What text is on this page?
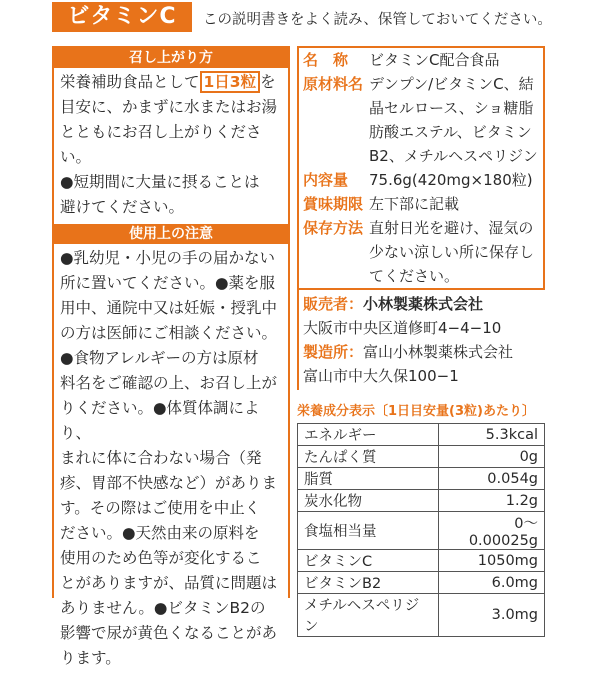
ビタミンC	この説明書きをよく読み、保管しておいてください。
召し上がり方
栄養補助食品として 1日3粒 を
目安に、かまずに水またはお湯
とともにお召し上がりください。
●短期間に大量に摂ることは
避けてください。
使用上の注意
●乳幼児・小児の手の届かない
所に置いてください。●薬を服
用中、通院中又は妊娠・授乳中
の方は医師にご相談ください。
●食物アレルギーの方は原材
料名をご確認の上、お召し上が
りください。●体質体調により、
まれに体に合わない場合（発
疹、胃部不快感など）がありま
す。その際はご使用を中止く
ださい。●天然由来の原料を
使用のため色等が変化するこ
とがありますが、品質に問題は
ありません。●ビタミンB2の
影響で尿が黄色くなることがあ
ります。
名　称	ビタミンC配合食品
原材料名	デンプン/ビタミンC、結晶セルロース、ショ糖脂肪酸エステル、ビタミンB2、メチルヘスペリジン
内容量	75.6g(420mg×180粒)
賞味期限	左下部に記載
保存方法	直射日光を避け、湿気の少ない涼しい所に保存してください。
販売者：小林製薬株式会社
大阪市中央区道修町4−4−10
製造所：富山小林製薬株式会社
富山市中大久保100−1
栄養成分表示〔1日目安量(3粒)あたり〕
エネルギー	5.3kcal
たんぱく質	0g
脂質	0.054g
炭水化物	1.2g
食塩相当量	0〜0.00025g
ビタミンC	1050mg
ビタミンB2	6.0mg
メチルヘスペリジン	3.0mg
